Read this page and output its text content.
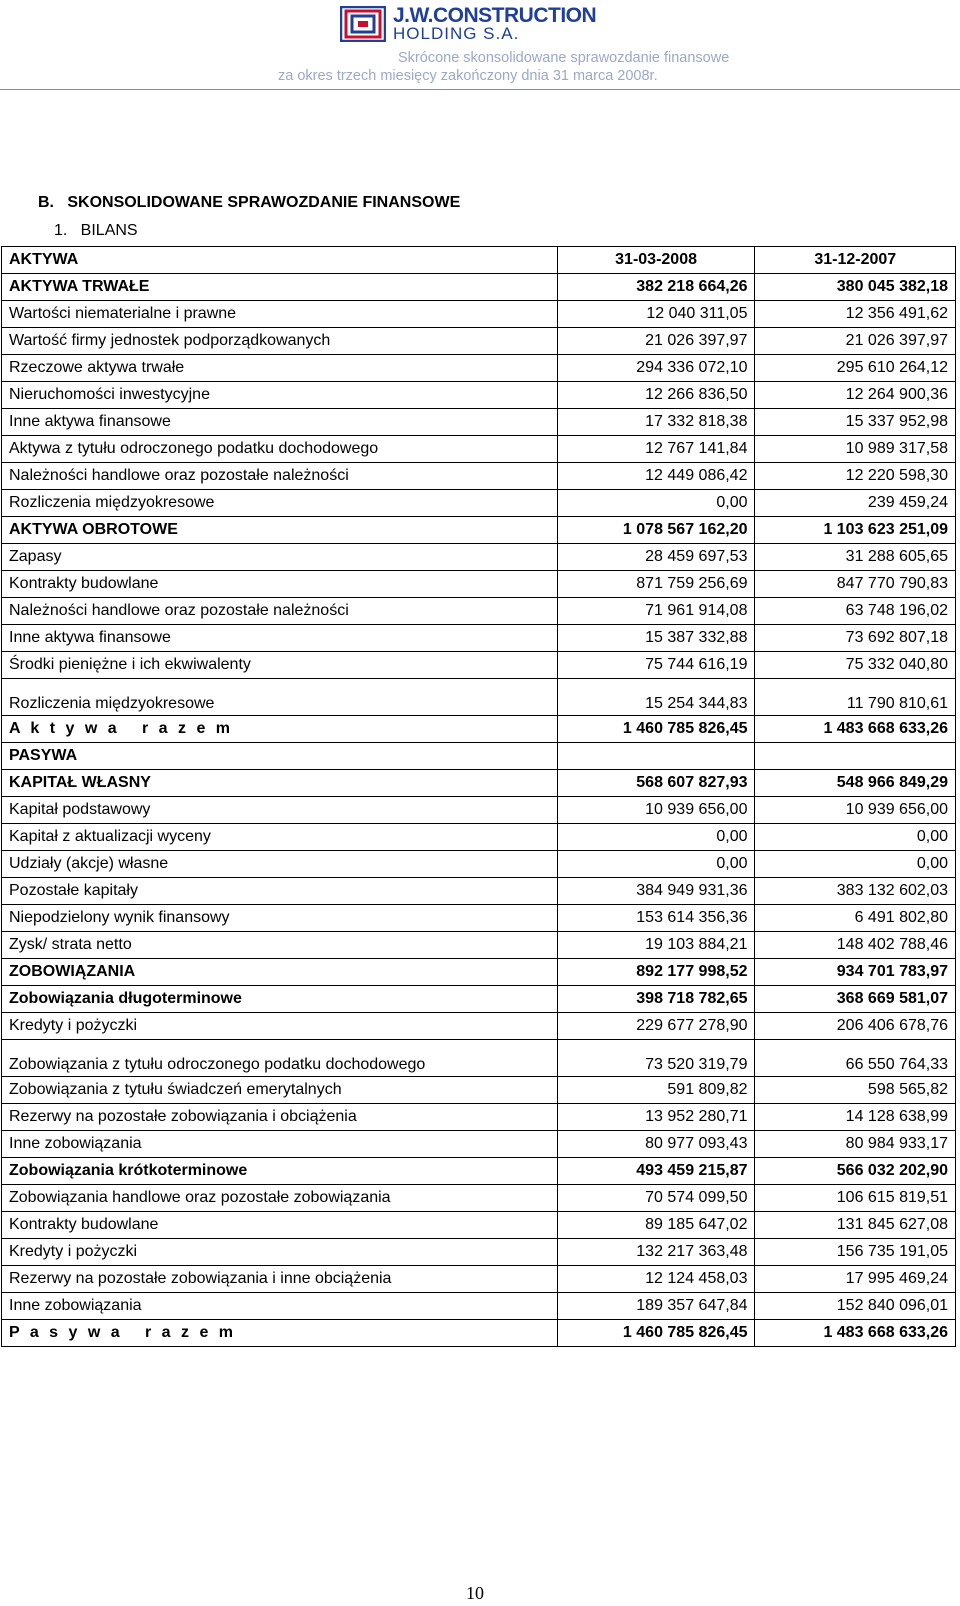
J.W.CONSTRUCTION
HOLDING S.A.
Skrócone skonsolidowane sprawozdanie finansowe
za okres trzech miesięcy zakończony dnia 31 marca 2008r.
B.   SKONSOLIDOWANE SPRAWOZDANIE FINANSOWE
1.   BILANS
AKTYWA	31-03-2008	31-12-2007
AKTYWA TRWAŁE	382 218 664,26	380 045 382,18
Wartości niematerialne i prawne	12 040 311,05	12 356 491,62
Wartość firmy jednostek podporządkowanych	21 026 397,97	21 026 397,97
Rzeczowe aktywa trwałe	294 336 072,10	295 610 264,12
Nieruchomości inwestycyjne	12 266 836,50	12 264 900,36
Inne aktywa finansowe	17 332 818,38	15 337 952,98
Aktywa z tytułu odroczonego podatku dochodowego	12 767 141,84	10 989 317,58
Należności handlowe oraz pozostałe należności	12 449 086,42	12 220 598,30
Rozliczenia międzyokresowe	0,00	239 459,24
AKTYWA OBROTOWE	1 078 567 162,20	1 103 623 251,09
Zapasy	28 459 697,53	31 288 605,65
Kontrakty budowlane	871 759 256,69	847 770 790,83
Należności handlowe oraz pozostałe należności	71 961 914,08	63 748 196,02
Inne aktywa finansowe	15 387 332,88	73 692 807,18
Środki pieniężne i ich ekwiwalenty	75 744 616,19	75 332 040,80
Rozliczenia międzyokresowe	15 254 344,83	11 790 810,61
A k t y w a   r a z e m	1 460 785 826,45	1 483 668 633,26
PASYWA		
KAPITAŁ WŁASNY	568 607 827,93	548 966 849,29
Kapitał podstawowy	10 939 656,00	10 939 656,00
Kapitał z aktualizacji wyceny	0,00	0,00
Udziały (akcje) własne	0,00	0,00
Pozostałe kapitały	384 949 931,36	383 132 602,03
Niepodzielony wynik finansowy	153 614 356,36	6 491 802,80
Zysk/ strata netto	19 103 884,21	148 402 788,46
ZOBOWIĄZANIA	892 177 998,52	934 701 783,97
Zobowiązania długoterminowe	398 718 782,65	368 669 581,07
Kredyty i pożyczki	229 677 278,90	206 406 678,76
Zobowiązania z tytułu odroczonego podatku dochodowego	73 520 319,79	66 550 764,33
Zobowiązania z tytułu świadczeń emerytalnych	591 809,82	598 565,82
Rezerwy na pozostałe zobowiązania i obciążenia	13 952 280,71	14 128 638,99
Inne zobowiązania	80 977 093,43	80 984 933,17
Zobowiązania krótkoterminowe	493 459 215,87	566 032 202,90
Zobowiązania handlowe oraz pozostałe zobowiązania	70 574 099,50	106 615 819,51
Kontrakty budowlane	89 185 647,02	131 845 627,08
Kredyty i pożyczki	132 217 363,48	156 735 191,05
Rezerwy na pozostałe zobowiązania i inne obciążenia	12 124 458,03	17 995 469,24
Inne zobowiązania	189 357 647,84	152 840 096,01
P a s y w a   r a z e m	1 460 785 826,45	1 483 668 633,26
10
